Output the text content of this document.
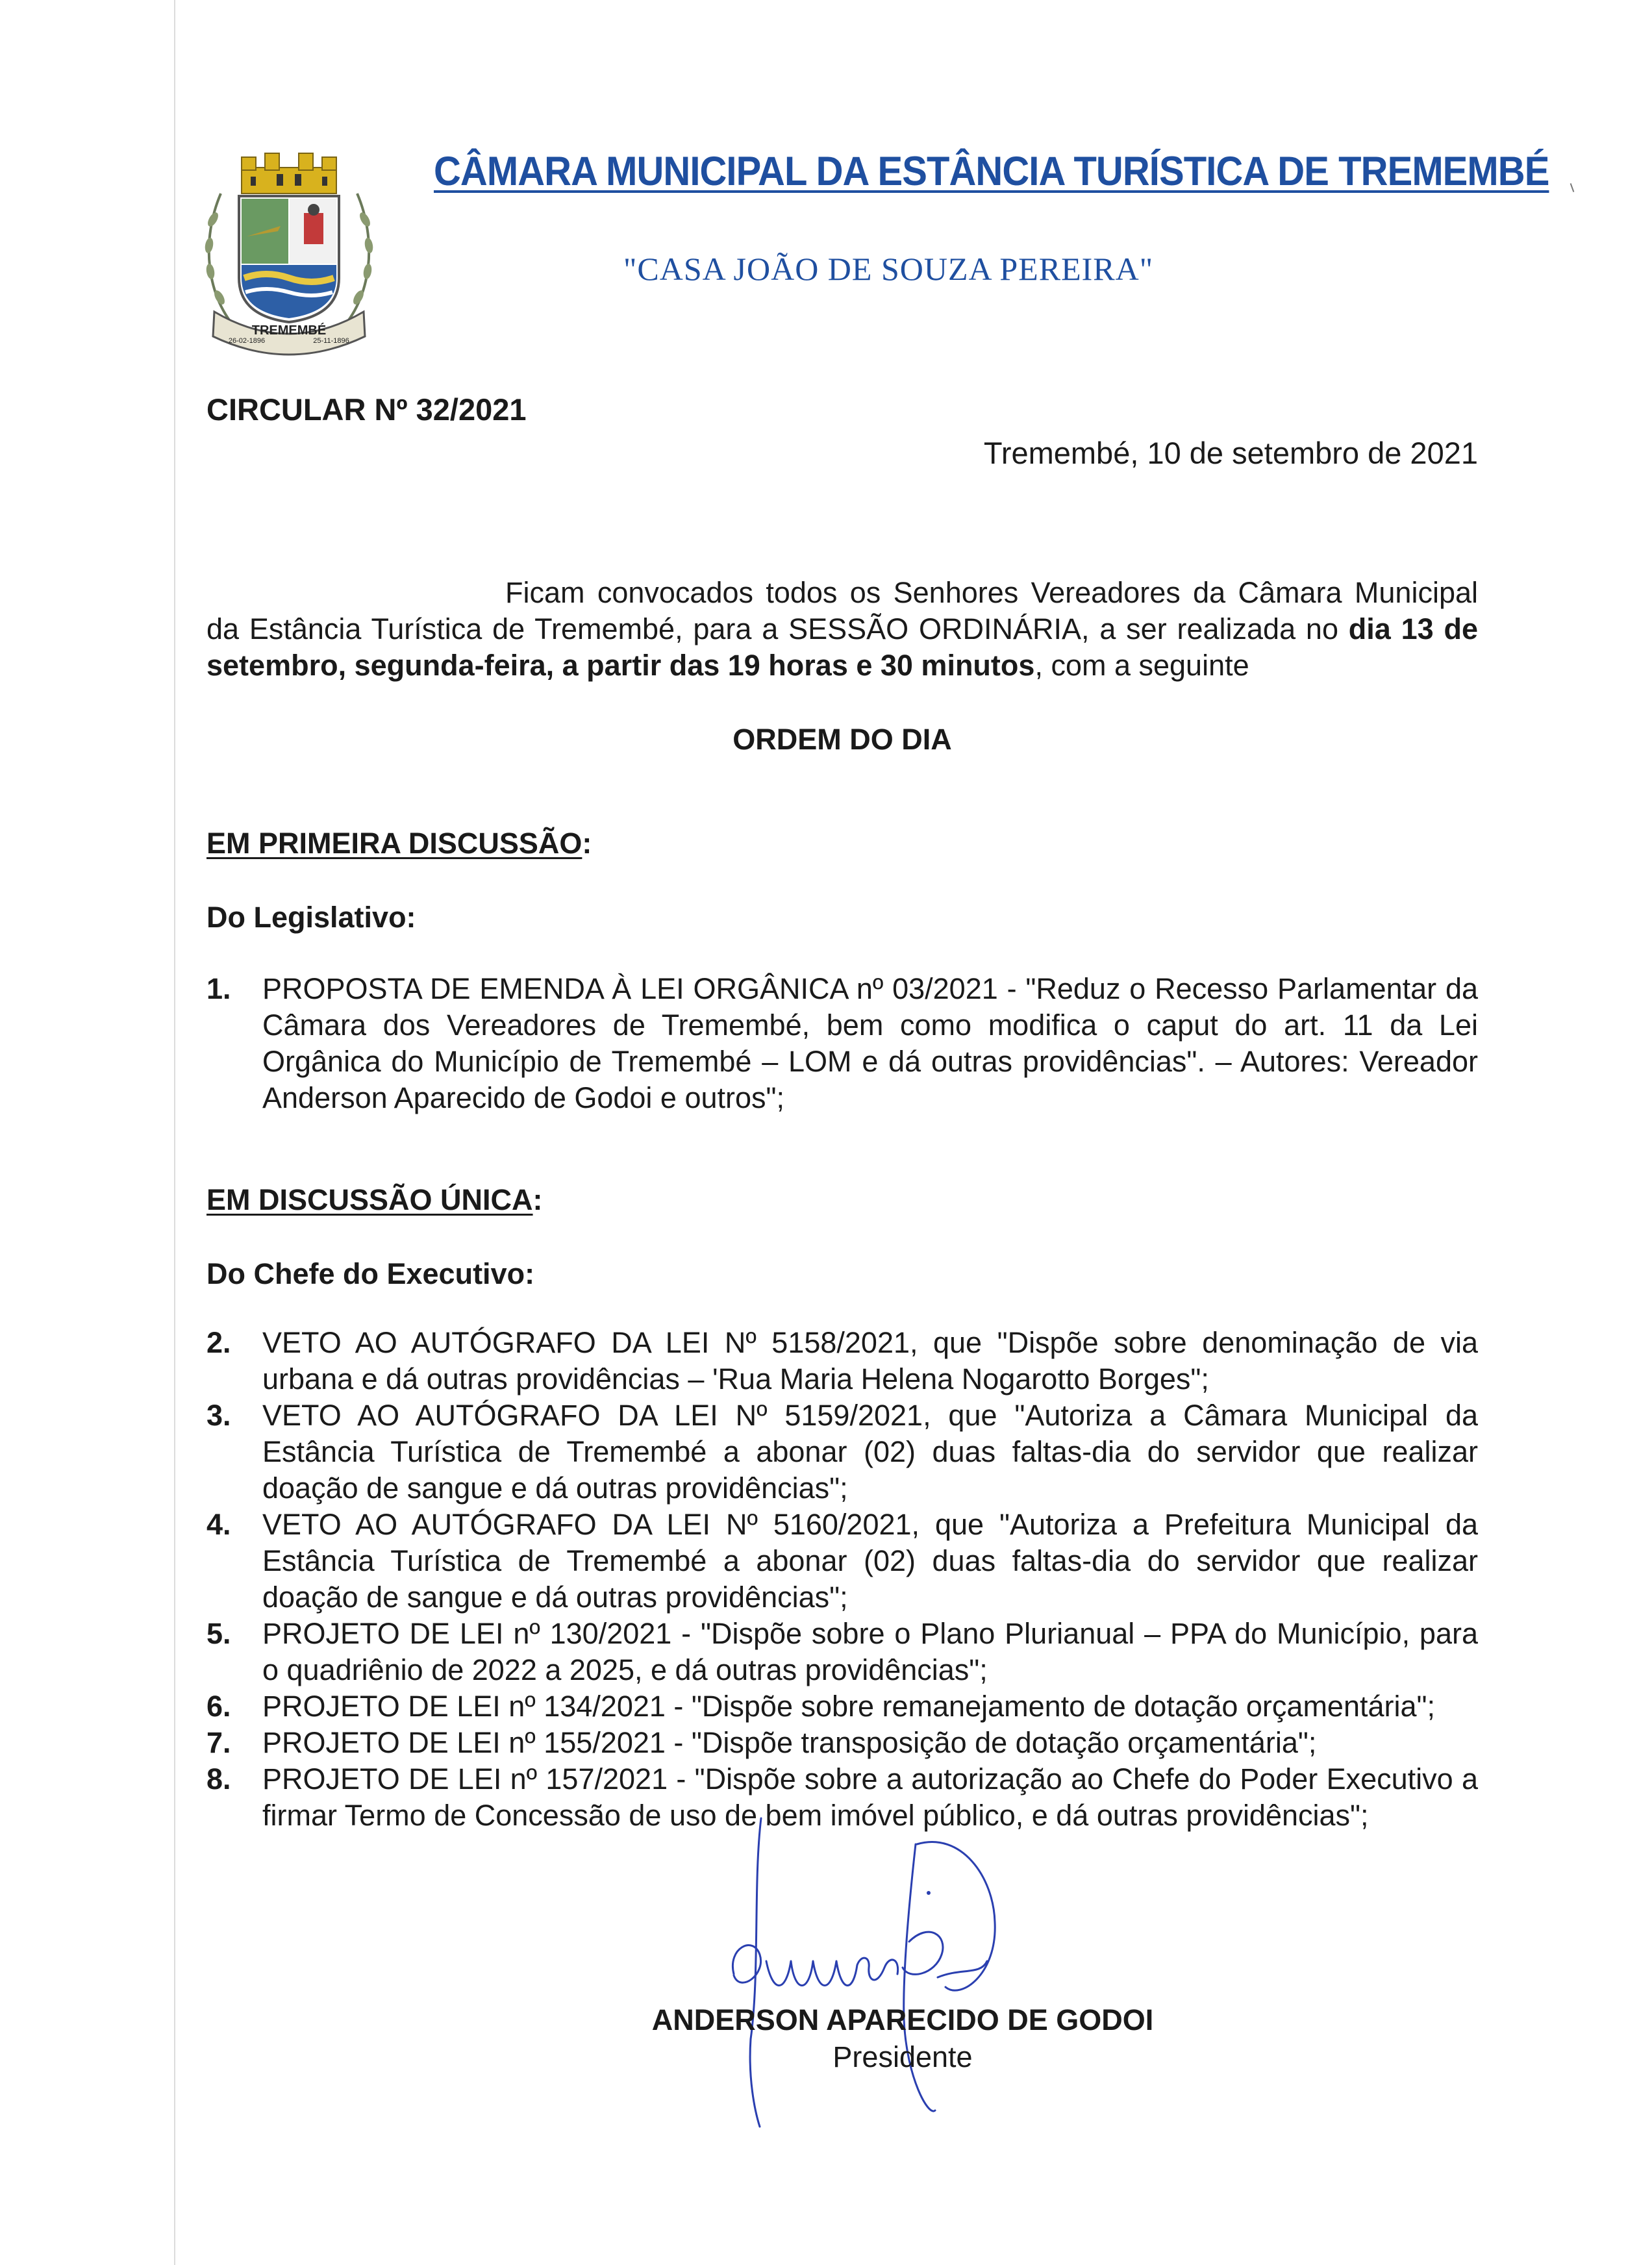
TREMEMBÉ
26-02-1896	25-11-1896
CÂMARA MUNICIPAL DA ESTÂNCIA TURÍSTICA DE TREMEMBÉ
"CASA JOÃO DE SOUZA PEREIRA"
CIRCULAR Nº 32/2021
Tremembé, 10 de setembro de 2021
Ficam convocados todos os Senhores Vereadores da Câmara Municipal da Estância Turística de Tremembé, para a SESSÃO ORDINÁRIA, a ser realizada no dia 13 de setembro, segunda-feira, a partir das 19 horas e 30 minutos, com a seguinte
ORDEM DO DIA
EM PRIMEIRA DISCUSSÃO:
Do Legislativo:
1. PROPOSTA DE EMENDA À LEI ORGÂNICA nº 03/2021 - "Reduz o Recesso Parlamentar da Câmara dos Vereadores de Tremembé, bem como modifica o caput do art. 11 da Lei Orgânica do Município de Tremembé – LOM e dá outras providências". – Autores: Vereador Anderson Aparecido de Godoi e outros";
EM DISCUSSÃO ÚNICA:
Do Chefe do Executivo:
2. VETO AO AUTÓGRAFO DA LEI Nº 5158/2021, que "Dispõe sobre denominação de via urbana e dá outras providências – 'Rua Maria Helena Nogarotto Borges";
3. VETO AO AUTÓGRAFO DA LEI Nº 5159/2021, que "Autoriza a Câmara Municipal da Estância Turística de Tremembé a abonar (02) duas faltas-dia do servidor que realizar doação de sangue e dá outras providências";
4. VETO AO AUTÓGRAFO DA LEI Nº 5160/2021, que "Autoriza a Prefeitura Municipal da Estância Turística de Tremembé a abonar (02) duas faltas-dia do servidor que realizar doação de sangue e dá outras providências";
5. PROJETO DE LEI nº 130/2021 - "Dispõe sobre o Plano Plurianual – PPA do Município, para o quadriênio de 2022 a 2025, e dá outras providências";
6. PROJETO DE LEI nº 134/2021 - "Dispõe sobre remanejamento de dotação orçamentária";
7. PROJETO DE LEI nº 155/2021 - "Dispõe transposição de dotação orçamentária";
8. PROJETO DE LEI nº 157/2021 - "Dispõe sobre a autorização ao Chefe do Poder Executivo a firmar Termo de Concessão de uso de bem imóvel público, e dá outras providências";
ANDERSON APARECIDO DE GODOI
Presidente
